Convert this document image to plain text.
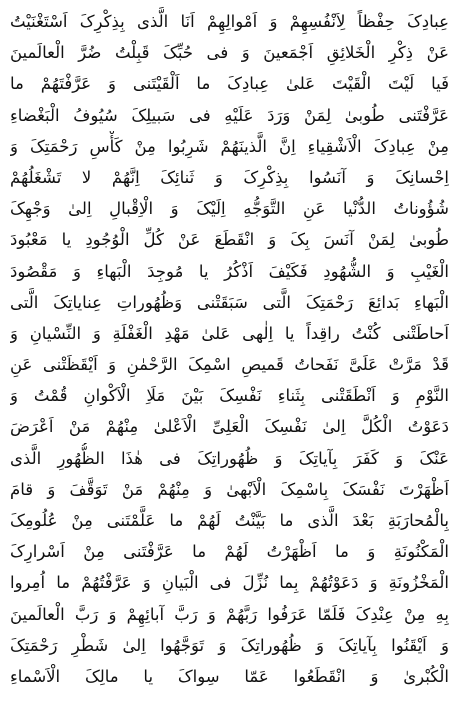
عِبادِکَ حِفْظاً لِاَنْفُسِهِمْ وَ اَمْوالِهِمْ اَنَا الَّذی بِذِکْرِکَ اَسْتَغْنَیْتُ
عَنْ ذِکْرِ الْخَلائِقِ اَجْمَعینَ وَ فی حُبِّکَ قَبِلْتُ ضُرَّ الْعالَمینَ
فَیا لَیْتَ الْقَیْتَ عَلیٰ عِبادِکَ ما اَلْقَیْتَنی وَ عَرَّفْتَهُمْ ما
عَرَّفْتَنی طُوبیٰ لِمَنْ وَرَدَ عَلَیْهِ فی سَبیلِکَ سُیُوفُ الْبَغْضاءِ
مِنْ عِبادِکَ الْاَشْقِیاءِ اِنَّ الَّذینَهُمْ شَرِبُوا مِنْ کَأْسِ رَحْمَتِکَ وَ
اِحْسانِکَ وَ آنَسُوا بِذِکْرِکَ وَ ثَنائِکَ اِنَّهُمْ لا تَشْغَلُهُمْ
شُؤُوناتُ الدُّنْیا عَنِ التَّوَجُّهِ اِلَیْکَ وَ الْاِقْبالِ اِلیٰ وَجْهِکَ
طُوبیٰ لِمَنْ آنَسَ بِکَ وَ انْقَطَعَ عَنْ کُلِّ الْوُجُودِ یا مَعْبُودَ
الْغَیْبِ وَ الشُّهُودِ فَکَیْفَ اَذْکُرُ یا مُوجِدَ الْبَهاءِ وَ مَقْصُودَ
الْبَهاءِ بَدائِعَ رَحْمَتِکَ الَّتی سَبَقَتْنی وَظُهُوراتِ عِنایاتِکَ الَّتی
اَحاطَتْنی کُنْتُ راقِداً یا اِلٰهی عَلیٰ مَهْدِ الْغَفْلَةِ وَ النِّسْیانِ وَ
قَدْ مَرَّتْ عَلَیَّ نَفَحاتُ قَمیصِ اسْمِکَ الرَّحْمٰنِ وَ اَیْقَظَتْنی عَنِ
النَّوْمِ وَ اَنْطَقَتْنی بِثَناءِ نَفْسِکَ بَیْنَ مَلَاِ الْاَکْوانِ قُمْتُ وَ
دَعَوْتُ الْکُلَّ اِلیٰ نَفْسِکَ الْعَلِیِّ الْاَعْلیٰ مِنْهُمْ مَنْ اَعْرَضَ
عَنْکَ وَ کَفَرَ بِآیاتِکَ وَ ظُهُوراتِکَ فی هٰذَا الظُّهُورِ الَّذی
اَظْهَرْتَ نَفْسَکَ بِاسْمِکَ الْاَبْهیٰ وَ مِنْهُمْ مَنْ تَوَقَّفَ وَ قامَ
بِالْمُحارَبَةِ بَعْدَ الَّذی ما بَیَّنْتُ لَهُمْ ما عَلَّمْتَنی مِنْ عُلُومِکَ
الْمَکْنُونَةِ وَ ما اَظْهَرْتُ لَهُمْ ما عَرَّفْتَنی مِنْ اَسْرارِکَ
الْمَخْزُونَةِ وَ دَعَوْتُهُمْ بِما نُزِّلَ فی الْبَیانِ وَ عَرَّفْتُهُمْ ما اُمِروا
بِهِ مِنْ عِنْدِکَ فَلَمّا عَرَفُوا رَبَّهُمْ وَ رَبَّ آبائِهِمْ وَ رَبَّ الْعالَمینَ
وَ اَیْقَنُوا بِآیاتِکَ وَ ظُهُوراتِکَ وَ تَوَجَّهُوا اِلیٰ شَطْرِ رَحْمَتِکَ
الْکُبْریٰ وَ انْقَطَعُوا عَمّا سِواکَ یا مالِکَ الْاَسْماءِ
